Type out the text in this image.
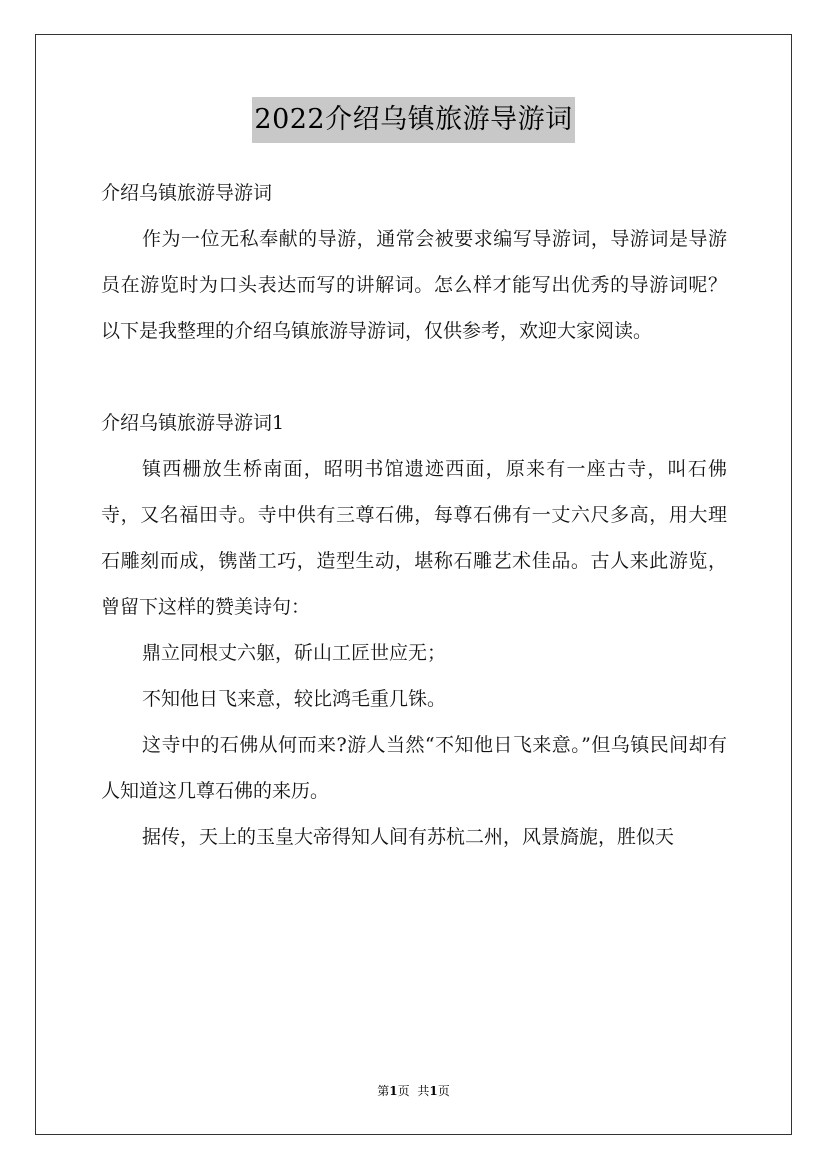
2022介绍乌镇旅游导游词

介绍乌镇旅游导游词

作为一位无私奉献的导游，通常会被要求编写导游词，导游词是导游员在游览时为口头表达而写的讲解词。怎么样才能写出优秀的导游词呢？以下是我整理的介绍乌镇旅游导游词，仅供参考，欢迎大家阅读。

介绍乌镇旅游导游词1

镇西栅放生桥南面，昭明书馆遗迹西面，原来有一座古寺，叫石佛寺，又名福田寺。寺中供有三尊石佛，每尊石佛有一丈六尺多高，用大理石雕刻而成，镌凿工巧，造型生动，堪称石雕艺术佳品。古人来此游览，曾留下这样的赞美诗句：

鼎立同根丈六躯，斫山工匠世应无；

不知他日飞来意，较比鸿毛重几铢。

这寺中的石佛从何而来?游人当然“不知他日飞来意。”但乌镇民间却有人知道这几尊石佛的来历。

据传，天上的玉皇大帝得知人间有苏杭二州，风景旖旎，胜似天

第1页 共1页
